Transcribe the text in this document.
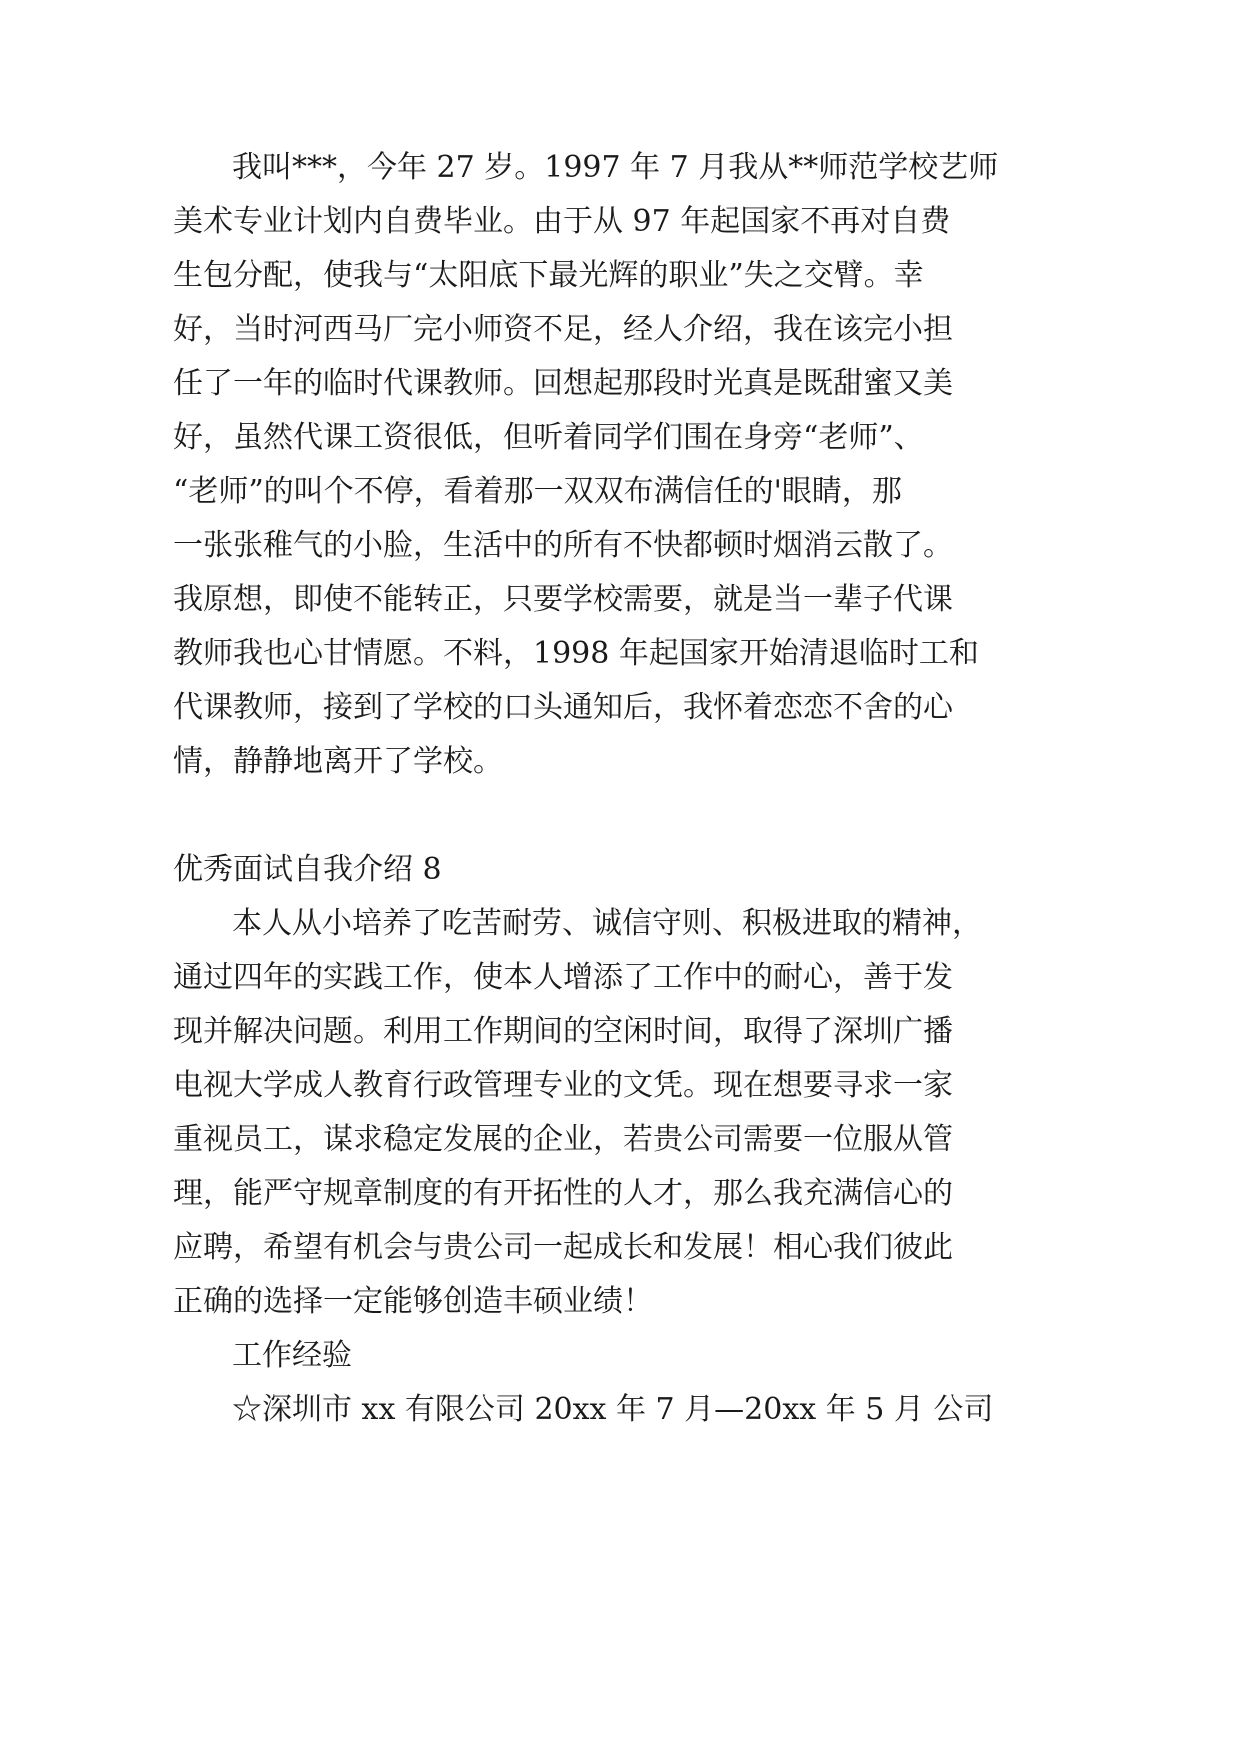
我叫***，今年 27 岁。1997 年 7 月我从**师范学校艺师
美术专业计划内自费毕业。由于从 97 年起国家不再对自费
生包分配，使我与“太阳底下最光辉的职业”失之交臂。幸
好，当时河西马厂完小师资不足，经人介绍，我在该完小担
任了一年的临时代课教师。回想起那段时光真是既甜蜜又美
好，虽然代课工资很低，但听着同学们围在身旁“老师”、
“老师”的叫个不停，看着那一双双布满信任的'眼睛，那
一张张稚气的小脸，生活中的所有不快都顿时烟消云散了。
我原想，即使不能转正，只要学校需要，就是当一辈子代课
教师我也心甘情愿。不料，1998 年起国家开始清退临时工和
代课教师，接到了学校的口头通知后，我怀着恋恋不舍的心
情，静静地离开了学校。
优秀面试自我介绍 8
本人从小培养了吃苦耐劳、诚信守则、积极进取的精神，
通过四年的实践工作，使本人增添了工作中的耐心，善于发
现并解决问题。利用工作期间的空闲时间，取得了深圳广播
电视大学成人教育行政管理专业的文凭。现在想要寻求一家
重视员工，谋求稳定发展的企业，若贵公司需要一位服从管
理，能严守规章制度的有开拓性的人才，那么我充满信心的
应聘，希望有机会与贵公司一起成长和发展！相心我们彼此
正确的选择一定能够创造丰硕业绩！
工作经验
☆深圳市 xx 有限公司 20xx 年 7 月—20xx 年 5 月 公司
